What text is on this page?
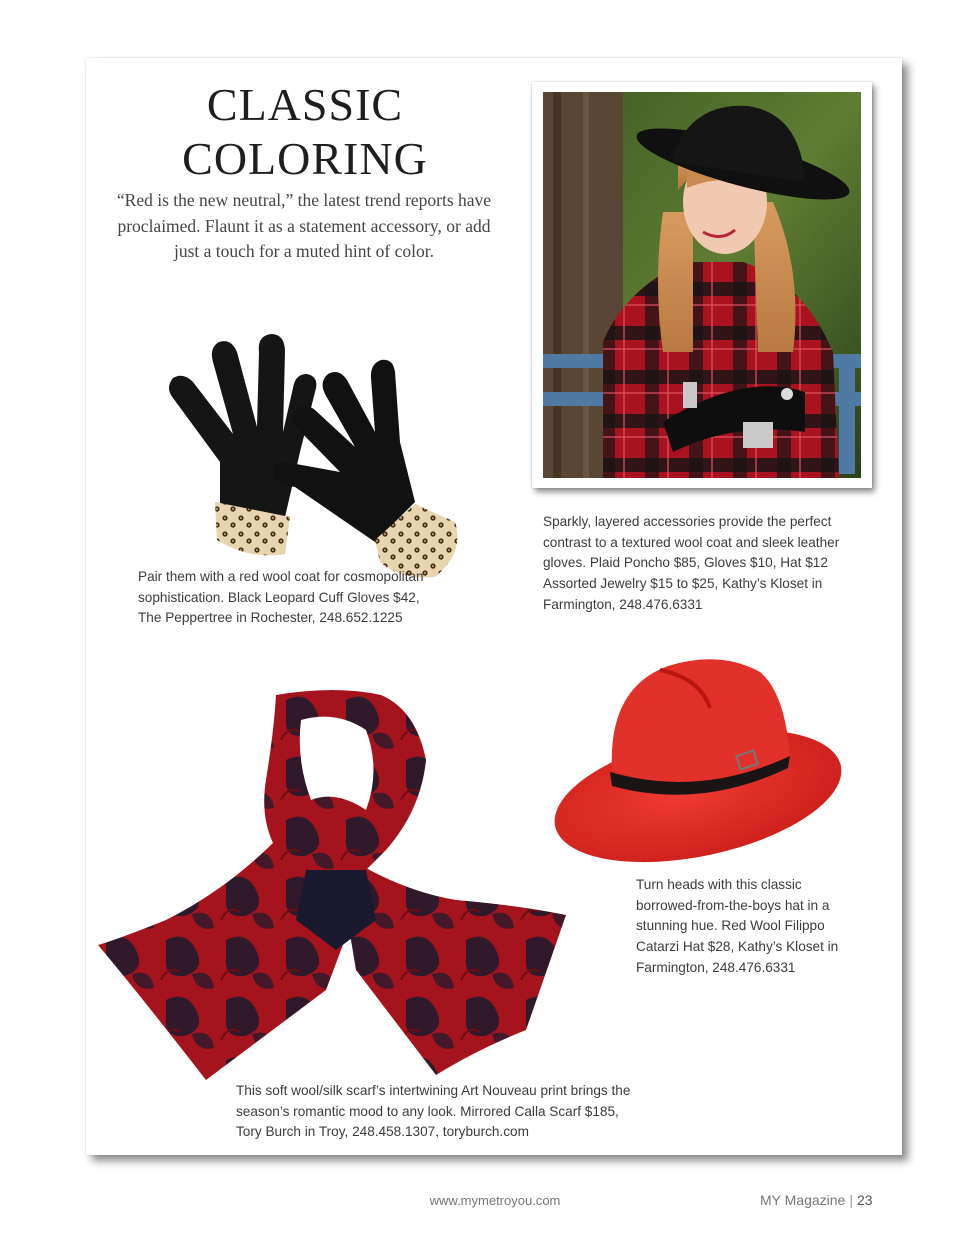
CLASSIC
COLORING

“Red is the new neutral,” the latest trend reports have proclaimed. Flaunt it as a statement accessory, or add just a touch for a muted hint of color.

Pair them with a red wool coat for cosmopolitan sophistication. Black Leopard Cuff Gloves $42, The Peppertree in Rochester, 248.652.1225

Sparkly, layered accessories provide the perfect contrast to a textured wool coat and sleek leather gloves. Plaid Poncho $85, Gloves $10, Hat $12 Assorted Jewelry $15 to $25, Kathy’s Kloset in Farmington, 248.476.6331

Turn heads with this classic borrowed-from-the-boys hat in a stunning hue. Red Wool Filippo Catarzi Hat $28, Kathy’s Kloset in Farmington, 248.476.6331

This soft wool/silk scarf’s intertwining Art Nouveau print brings the season’s romantic mood to any look. Mirrored Calla Scarf $185, Tory Burch in Troy, 248.458.1307, toryburch.com

www.mymetroyou.com	MY Magazine | 23
